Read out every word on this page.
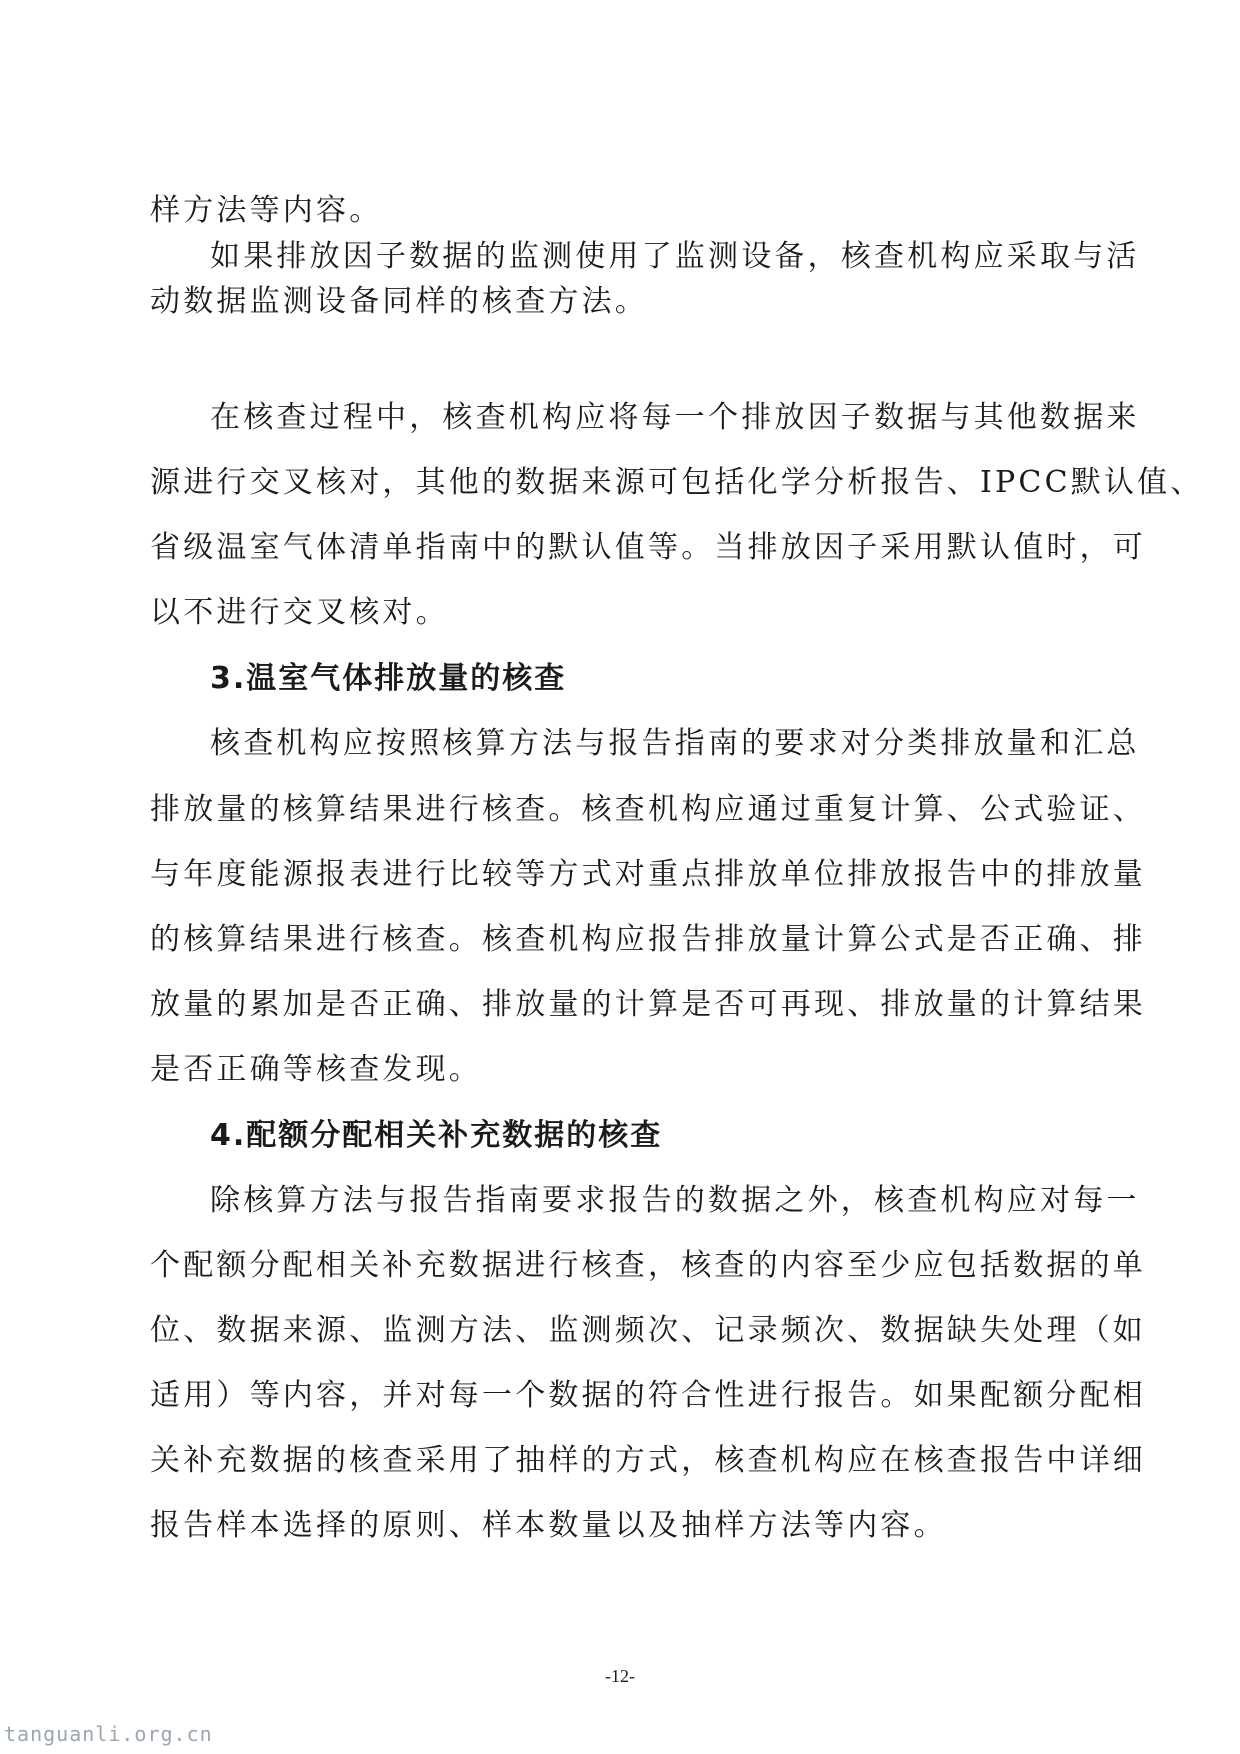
样方法等内容。

如果排放因子数据的监测使用了监测设备，核查机构应采取与活

动数据监测设备同样的核查方法。

在核查过程中，核查机构应将每一个排放因子数据与其他数据来

源进行交叉核对，其他的数据来源可包括化学分析报告、IPCC默认值、

省级温室气体清单指南中的默认值等。当排放因子采用默认值时，可

以不进行交叉核对。

3.温室气体排放量的核查

核查机构应按照核算方法与报告指南的要求对分类排放量和汇总

排放量的核算结果进行核查。核查机构应通过重复计算、公式验证、

与年度能源报表进行比较等方式对重点排放单位排放报告中的排放量

的核算结果进行核查。核查机构应报告排放量计算公式是否正确、排

放量的累加是否正确、排放量的计算是否可再现、排放量的计算结果

是否正确等核查发现。

4.配额分配相关补充数据的核查

除核算方法与报告指南要求报告的数据之外，核查机构应对每一

个配额分配相关补充数据进行核查，核查的内容至少应包括数据的单

位、数据来源、监测方法、监测频次、记录频次、数据缺失处理（如

适用）等内容，并对每一个数据的符合性进行报告。如果配额分配相

关补充数据的核查采用了抽样的方式，核查机构应在核查报告中详细

报告样本选择的原则、样本数量以及抽样方法等内容。

-12-
tanguanli.org.cn
